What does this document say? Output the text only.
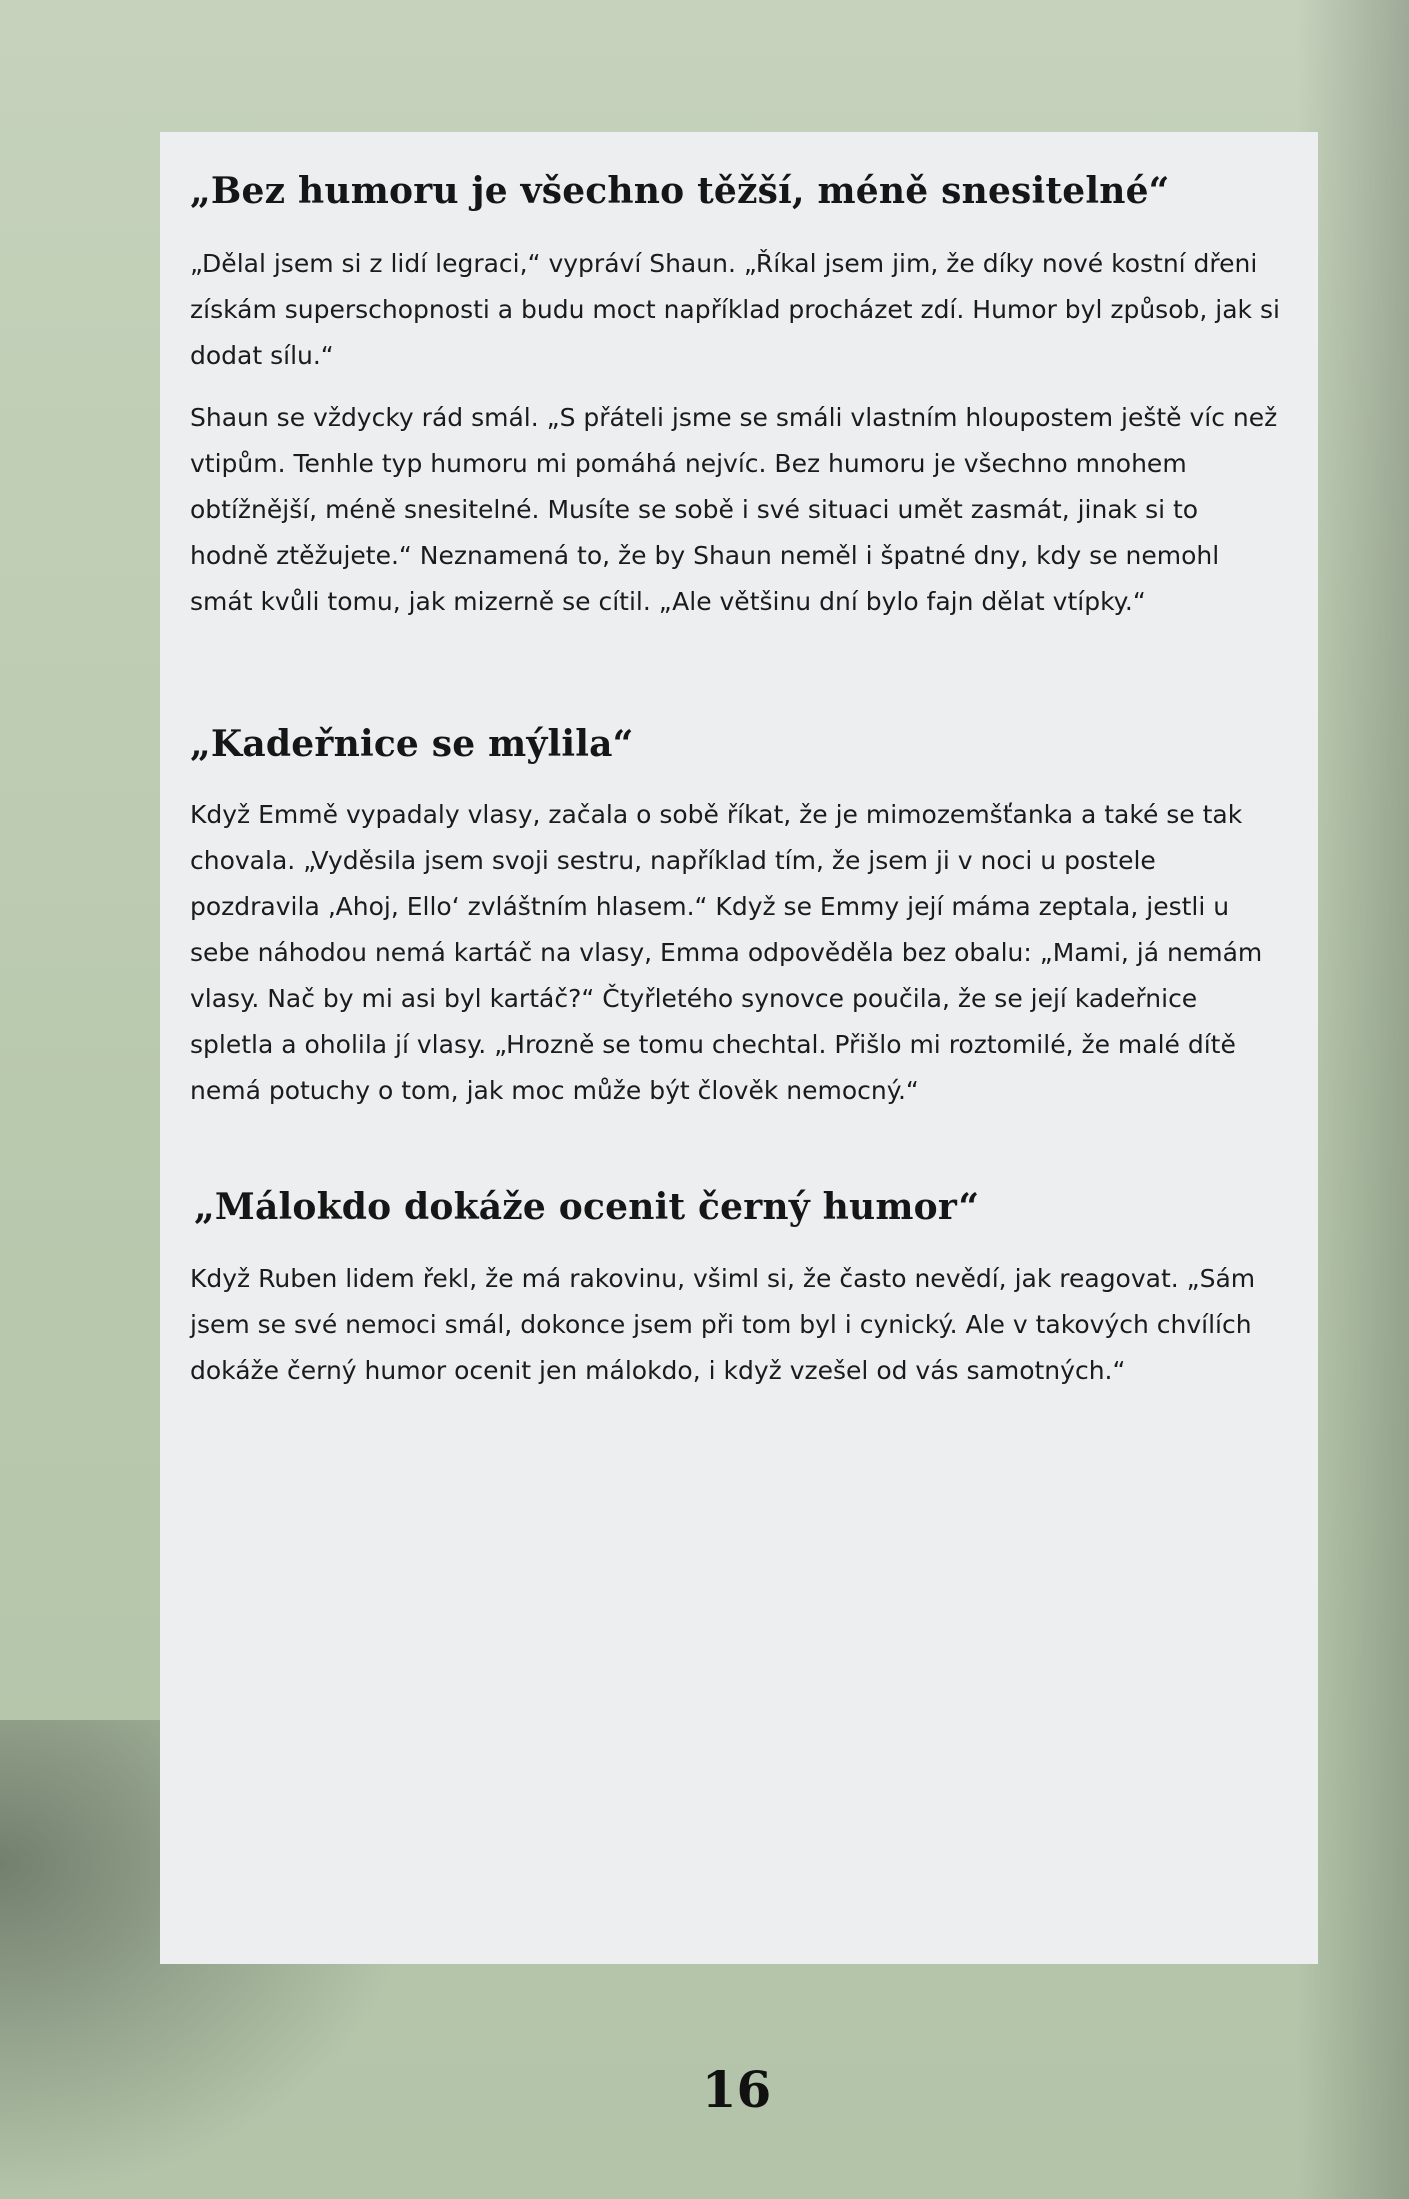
„Bez humoru je všechno těžší, méně snesitelné“

„Dělal jsem si z lidí legraci,“ vypráví Shaun. „Říkal jsem jim, že díky nové kostní dřeni získám superschopnosti a budu moct například procházet zdí. Humor byl způsob, jak si dodat sílu.“

Shaun se vždycky rád smál. „S přáteli jsme se smáli vlastním hloupostem ještě víc než vtipům. Tenhle typ humoru mi pomáhá nejvíc. Bez humoru je všechno mnohem obtížnější, méně snesitelné. Musíte se sobě i své situaci umět zasmát, jinak si to hodně ztěžujete.“ Neznamená to, že by Shaun neměl i špatné dny, kdy se nemohl smát kvůli tomu, jak mizerně se cítil. „Ale většinu dní bylo fajn dělat vtípky.“

„Kadeřnice se mýlila“

Když Emmě vypadaly vlasy, začala o sobě říkat, že je mimozemšťanka a také se tak chovala. „Vyděsila jsem svoji sestru, například tím, že jsem ji v noci u postele pozdravila ‚Ahoj, Ello‘ zvláštním hlasem.“ Když se Emmy její máma zeptala, jestli u sebe náhodou nemá kartáč na vlasy, Emma odpověděla bez obalu: „Mami, já nemám vlasy. Nač by mi asi byl kartáč?“ Čtyřletého synovce poučila, že se její kadeřnice spletla a oholila jí vlasy. „Hrozně se tomu chechtal. Přišlo mi roztomilé, že malé dítě nemá potuchy o tom, jak moc může být člověk nemocný.“

„Málokdo dokáže ocenit černý humor“

Když Ruben lidem řekl, že má rakovinu, všiml si, že často nevědí, jak reagovat. „Sám jsem se své nemoci smál, dokonce jsem při tom byl i cynický. Ale v takových chvílích dokáže černý humor ocenit jen málokdo, i když vzešel od vás samotných.“

16
